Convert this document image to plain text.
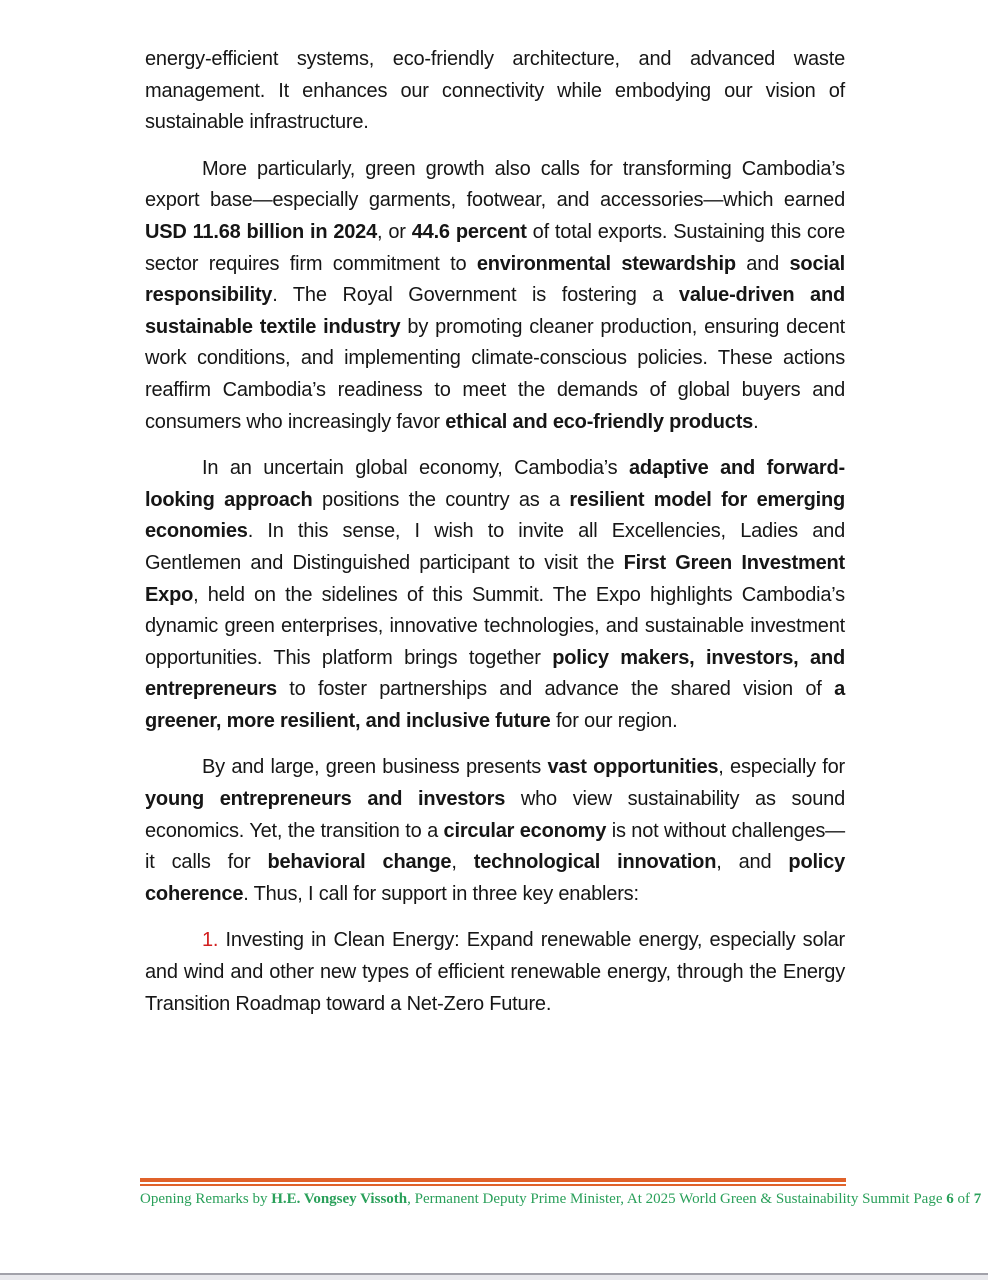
energy-efficient systems, eco-friendly architecture, and advanced waste management. It enhances our connectivity while embodying our vision of sustainable infrastructure.

More particularly, green growth also calls for transforming Cambodia’s export base—especially garments, footwear, and accessories—which earned USD 11.68 billion in 2024, or 44.6 percent of total exports. Sustaining this core sector requires firm commitment to environmental stewardship and social responsibility. The Royal Government is fostering a value-driven and sustainable textile industry by promoting cleaner production, ensuring decent work conditions, and implementing climate-conscious policies. These actions reaffirm Cambodia’s readiness to meet the demands of global buyers and consumers who increasingly favor ethical and eco-friendly products.

In an uncertain global economy, Cambodia’s adaptive and forward-looking approach positions the country as a resilient model for emerging economies. In this sense, I wish to invite all Excellencies, Ladies and Gentlemen and Distinguished participant to visit the First Green Investment Expo, held on the sidelines of this Summit. The Expo highlights Cambodia’s dynamic green enterprises, innovative technologies, and sustainable investment opportunities. This platform brings together policy makers, investors, and entrepreneurs to foster partnerships and advance the shared vision of a greener, more resilient, and inclusive future for our region.

By and large, green business presents vast opportunities, especially for young entrepreneurs and investors who view sustainability as sound economics. Yet, the transition to a circular economy is not without challenges—it calls for behavioral change, technological innovation, and policy coherence. Thus, I call for support in three key enablers:

1. Investing in Clean Energy: Expand renewable energy, especially solar and wind and other new types of efficient renewable energy, through the Energy Transition Roadmap toward a Net-Zero Future.

Opening Remarks by H.E. Vongsey Vissoth, Permanent Deputy Prime Minister, At 2025 World Green & Sustainability Summit Page 6 of 7
